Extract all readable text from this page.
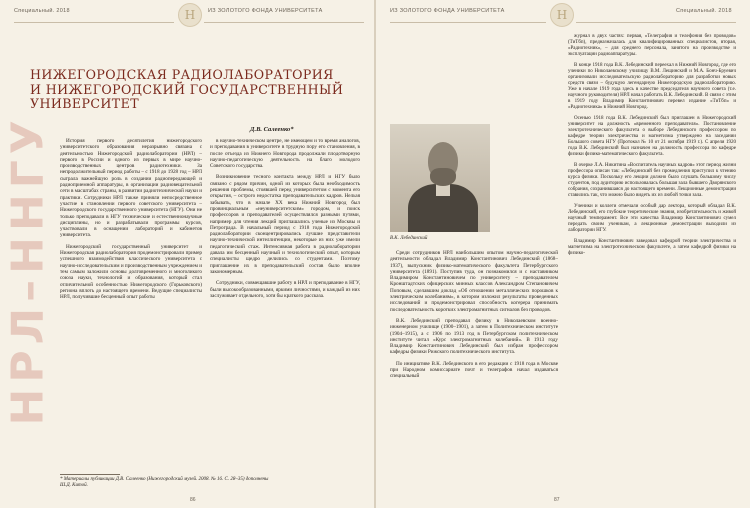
Специальный. 2018	ИЗ ЗОЛОТОГО ФОНДА УНИВЕРСИТЕТА
Н
НРЛ–ННГУ
НИЖЕГОРОДСКАЯ РАДИОЛАБОРАТОРИЯ
И НИЖЕГОРОДСКИЙ ГОСУДАРСТВЕННЫЙ
УНИВЕРСИТЕТ
Д.В. Салеенко*

История первого десятилетия нижегородского университетского образования неразрывно связана с деятельностью Нижегородской радиолаборатории (НРЛ) – первого в России и одного из первых в мире научно-производственных центров радиотехники. За непродолжительный период работы – с 1918 до 1928 год – НРЛ сыграла важнейшую роль в создании радиопередающей и радиоприемной аппаратуры, в организации радиовещательной сети в масштабах страны, в развитии радиотехнической науки и практики. Сотрудники НРЛ также приняли непосредственное участие в становлении первого советского университета – Нижегородского государственного университета (НГУ). Они не только преподавали в НГУ технические и естественнонаучные дисциплины, но и разрабатывали программы курсов, участвовали в оснащении лабораторий и кабинетов университета.

Нижегородский государственный университет и Нижегородская радиолаборатория продемонстрировали пример успешного взаимодействия классического университета с научно-исследовательским и производственным учреждением и тем самым заложили основы долговременного и многоликого союза науки, технологий и образования, который стал отличительной особенностью Нижегородского (Горьковского) региона вплоть до настоящего времени. Ведущие специалисты НРЛ, получившие бесценный опыт работы

в научно-техническом центре, не имеющем и то время аналогов, и преподавания в университете в трудную пору его становления, в после отъезда из Нижнего Новгорода продолжали плодотворную научно-педагогическую деятельность на благо молодого Советского государства.

Возникновение тесного контакта между НРЛ и НГУ было связано с рядом причин, одной из которых была необходимость решения проблемы, стоявшей перед университетом с момента его открытия, – острого недостатка преподавательских кадров. Нельзя забывать, что в начале XX века Нижний Новгород был провинциальным «неуниверситетским» городом, и поиск профессоров и преподавателей осуществлялся разными путями, например для чтения лекций приглашались ученые из Москвы и Петрограда. В начальный период с 1918 года Нижегородской радиолаборатории сконцентрировались лучшие представители научно-технической интеллигенции, некоторые из них уже имели педагогический стаж. Интенсивная работа в радиолаборатории давала им бесценный научный и технологический опыт, которым специалисты щедро делились со студентами. Поэтому приглашение их в преподавательский состав было вполне закономерным.

Сотрудники, совмещавшие работу в НРЛ и преподавание в НГУ, были высокообразованными, яркими личностями, и каждый из них заслуживает отдельного, хотя бы краткого рассказа.

* Материалы публикации Д.В. Салеенко (Нижегородский музей. 2008. № 16. С. 28–35) дополнены Ш.Д. Китой.
86
ИЗ ЗОЛОТОГО ФОНДА УНИВЕРСИТЕТА	Специальный. 2018
Н
В.К. Лебединский

Среди сотрудников НРЛ наибольшим опытом научно-педагогической деятельности обладал Владимир Константинович Лебединский (1868–1937), выпускник физико-математического факультета Петербургского университета (1891). Поступив туда, он познакомился и с наставником Владимиром Константиновичем по университету – преподавателем Кронштадтских офицерских минных классов Александром Степановичем Поповым, сделавшим доклад «Об отношении металлических порошков к электрическим колебаниям», в котором изложил результаты проведенных исследований и продемонстрировал способность когерера принимать последовательность коротких электромагнитных сигналов без проводов.

В.К. Лебединский преподавал физику в Николаевском военно-инженерном училище (1900–1901), а затем в Политехническом институте (1904–1915), а с 1906 по 1913 год в Петербургском политехническом институте читал «Курс электромагнитных колебаний». В 1913 году Владимир Константинович Лебединский был избран профессором кафедры физики Рижского политехнического института.

По инициативе В.К. Лебединского в его редакции с 1918 года в Москве при Народном комиссариате почт и телеграфов начал издаваться специальный

журнал в двух частях: первая, «Телеграфия и телефония без проводов» (ТиТбп), предназначалась для квалифицированных специалистов, вторая, «Радиотехник», – для среднего персонала, занятого на производстве и эксплуатации радиоаппаратуры.

В конце 1918 года В.К. Лебединский переехал в Нижний Новгород, где его ученики по Николаевскому училищу В.М. Лещинский и М.А. Бонч-Бруевич организовали исследовательскую радиолабораторию для разработки новых средств связи – будущую легендарную Нижегородскую радиолабораторию. Уже в начале 1919 года здесь в качестве председателя научного совета (т.е. научного руководителя) НРЛ начал работать В.К. Лебединский. В связи с этим в 1919 году Владимир Константинович перевел издание «ТиТбп» и «Радиотехника» в Нижний Новгород.

Осенью 1918 года В.К. Лебединский был приглашен в Нижегородский университет на должность «временного преподавателя». Постановление электротехнического факультета о выборе Лебединского профессором по кафедре теории электричества и магнетизма утверждено на заседании Большого совета НГУ (Протокол № 10 от 21 октября 1919 г.). С апреля 1920 года В.К. Лебединский был назначен на должность профессора по кафедре физики физико-математического факультета.

В очерке Л.А. Никитина «Воспитатель научных кадров» этот период жизни профессора описан так: «Лебединский без промедления приступил к чтению курса физики. Поскольку его лекции должно было слушать большому числу студентов, под аудиторию использовалась большая зала бывшего Дворянского собрания, сохранившаяся до настоящего времени. Лекционные демонстрации ставились так, что можно было видеть их из любой точки зала.

Ученики и коллеги отмечали особый дар лектора, который обладал В.К. Лебединский, его глубокие теоретические знания, изобретательность и живой научный темперамент. Все эти качества Владимир Константинович сумел передать своим ученикам, а лекционные демонстрации выходили из лаборатории НГУ.

Владимир Константинович заведовал кафедрой теории электричества и магнетизма на электротехническом факультете, а затем кафедрой физики на физико-

87
